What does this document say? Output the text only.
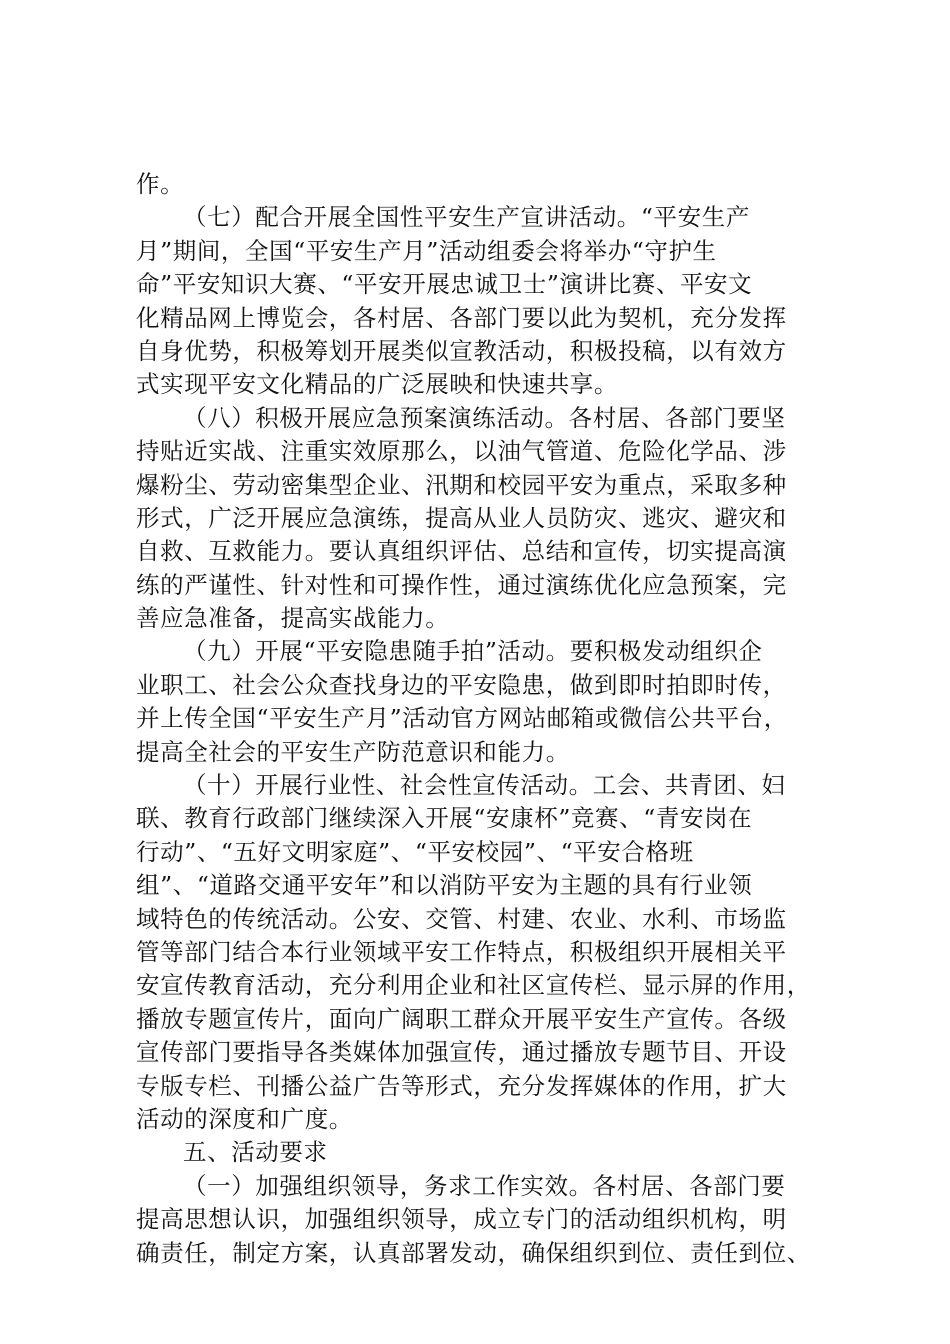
作。
（七）配合开展全国性平安生产宣讲活动。“平安生产
月”期间，全国“平安生产月”活动组委会将举办“守护生
命”平安知识大赛、“平安开展忠诚卫士”演讲比赛、平安文
化精品网上博览会，各村居、各部门要以此为契机，充分发挥
自身优势，积极筹划开展类似宣教活动，积极投稿，以有效方
式实现平安文化精品的广泛展映和快速共享。
（八）积极开展应急预案演练活动。各村居、各部门要坚
持贴近实战、注重实效原那么，以油气管道、危险化学品、涉
爆粉尘、劳动密集型企业、汛期和校园平安为重点，采取多种
形式，广泛开展应急演练，提高从业人员防灾、逃灾、避灾和
自救、互救能力。要认真组织评估、总结和宣传，切实提高演
练的严谨性、针对性和可操作性，通过演练优化应急预案，完
善应急准备，提高实战能力。
（九）开展“平安隐患随手拍”活动。要积极发动组织企
业职工、社会公众查找身边的平安隐患，做到即时拍即时传，
并上传全国“平安生产月”活动官方网站邮箱或微信公共平台，
提高全社会的平安生产防范意识和能力。
（十）开展行业性、社会性宣传活动。工会、共青团、妇
联、教育行政部门继续深入开展“安康杯”竞赛、“青安岗在
行动”、“五好文明家庭”、“平安校园”、“平安合格班
组”、“道路交通平安年”和以消防平安为主题的具有行业领
域特色的传统活动。公安、交管、村建、农业、水利、市场监
管等部门结合本行业领域平安工作特点，积极组织开展相关平
安宣传教育活动，充分利用企业和社区宣传栏、显示屏的作用，
播放专题宣传片，面向广阔职工群众开展平安生产宣传。各级
宣传部门要指导各类媒体加强宣传，通过播放专题节目、开设
专版专栏、刊播公益广告等形式，充分发挥媒体的作用，扩大
活动的深度和广度。
五、活动要求
（一）加强组织领导，务求工作实效。各村居、各部门要
提高思想认识，加强组织领导，成立专门的活动组织机构，明
确责任，制定方案，认真部署发动，确保组织到位、责任到位、
